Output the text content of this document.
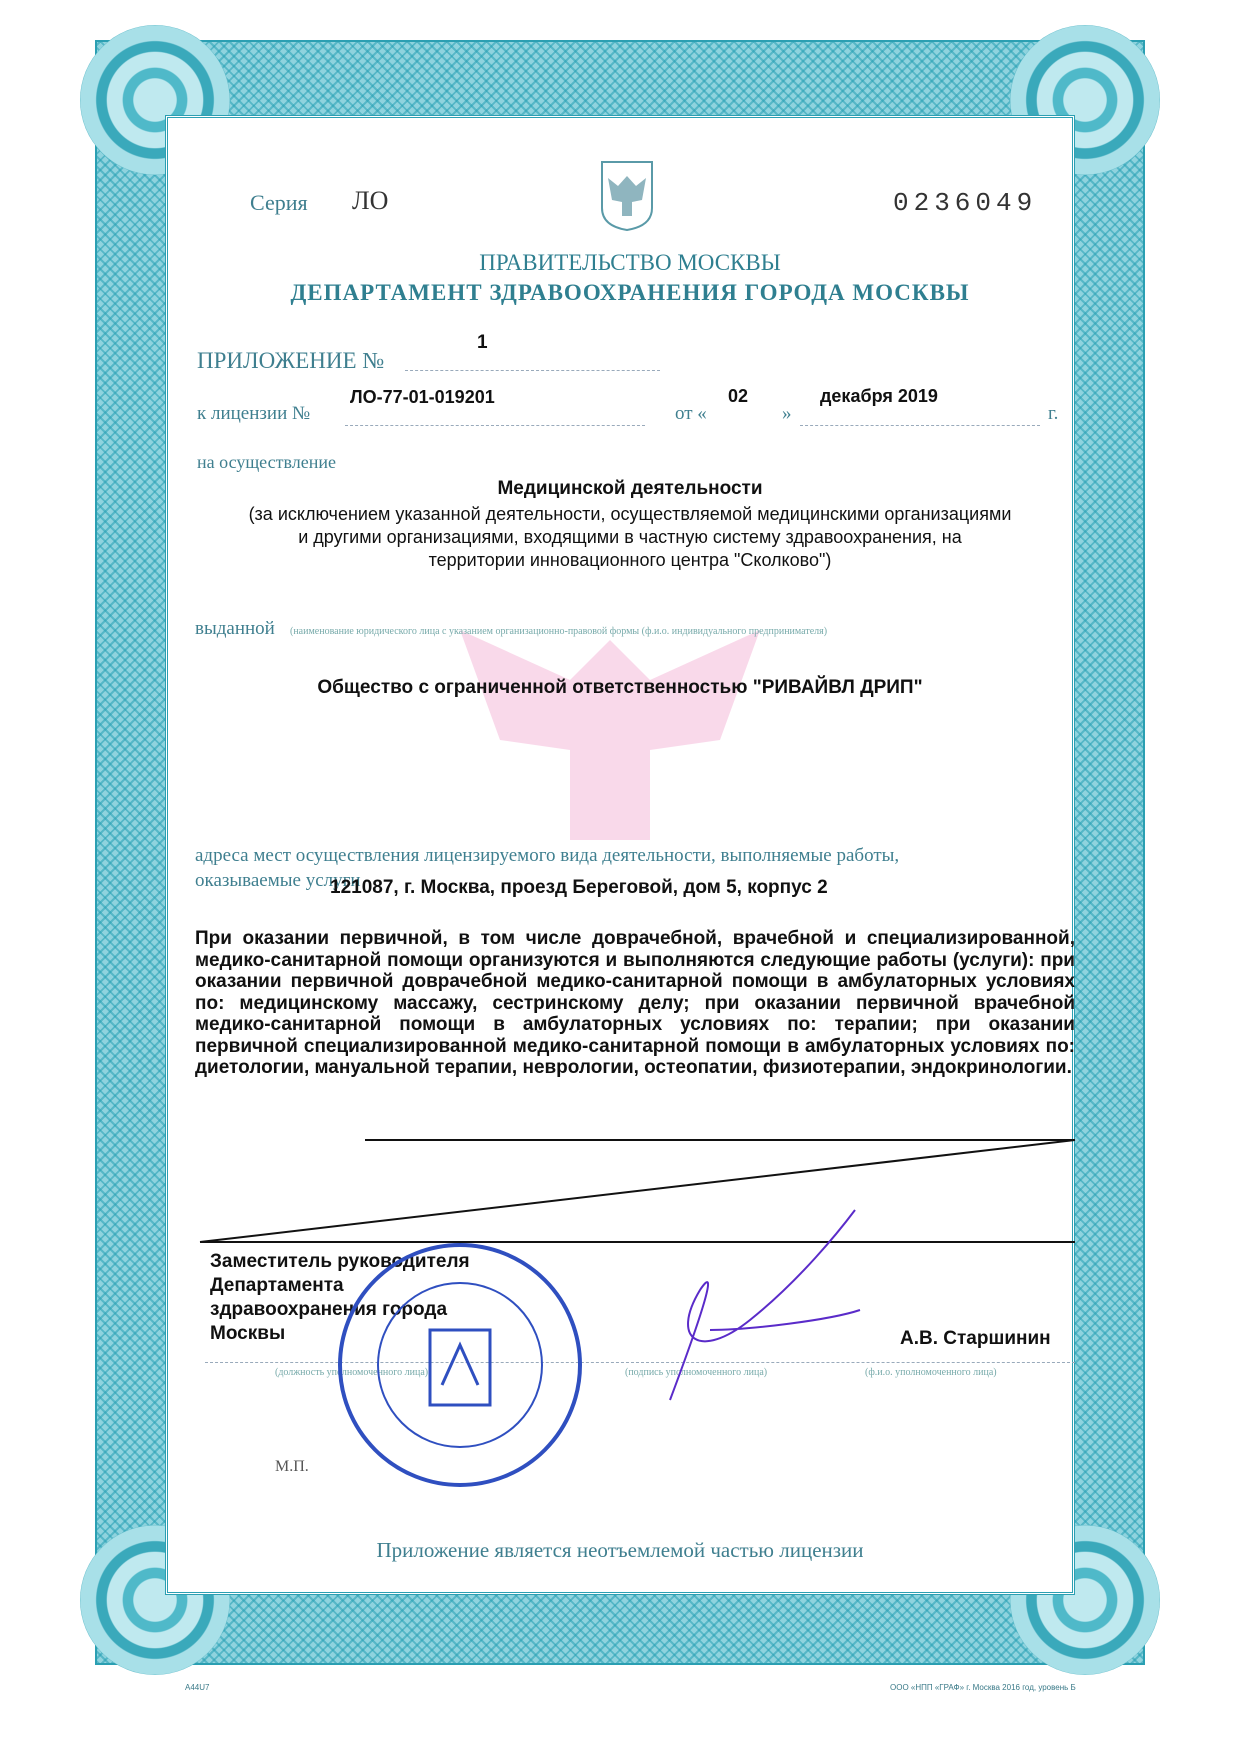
Серия ЛО	0236049
ПРАВИТЕЛЬСТВО МОСКВЫ
ДЕПАРТАМЕНТ ЗДРАВООХРАНЕНИЯ ГОРОДА МОСКВЫ
ПРИЛОЖЕНИЕ №
1
к лицензии №
ЛО-77-01-019201
от «
02
»
декабря 2019
г.
на осуществление
Медицинской деятельности
(за исключением указанной деятельности, осуществляемой медицинскими организациями
и другими организациями, входящими в частную систему здравоохранения, на
территории инновационного центра "Сколково")
выданной (наименование юридического лица с указанием организационно-правовой формы (ф.и.о. индивидуального предпринимателя)
Общество с ограниченной ответственностью "РИВАЙВЛ ДРИП"
адреса мест осуществления лицензируемого вида деятельности, выполняемые работы,
оказываемые услуги
121087, г. Москва, проезд Береговой, дом 5, корпус 2
При оказании первичной, в том числе доврачебной, врачебной и специализированной, медико-санитарной помощи организуются и выполняются следующие работы (услуги): при оказании первичной доврачебной медико-санитарной помощи в амбулаторных условиях по: медицинскому массажу, сестринскому делу; при оказании первичной врачебной медико-санитарной помощи в амбулаторных условиях по: терапии; при оказании первичной специализированной медико-санитарной помощи в амбулаторных условиях по: диетологии, мануальной терапии, неврологии, остеопатии, физиотерапии, эндокринологии.
Заместитель руководителя
Департамента
здравоохранения города
Москвы	А.В. Старшинин
(должность уполномоченного лица)	(подпись уполномоченного лица)	(ф.и.о. уполномоченного лица)
М.П.
Приложение является неотъемлемой частью лицензии
А44U7	ООО «НПП «ГРАФ» г. Москва 2016 год, уровень Б
